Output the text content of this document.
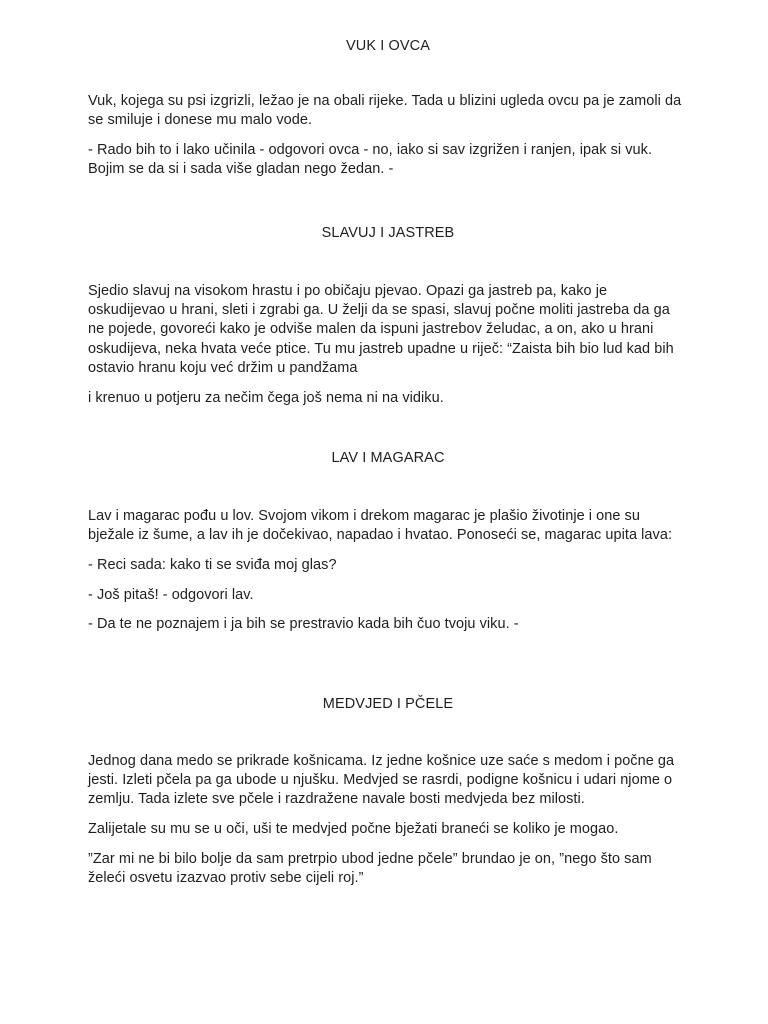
VUK I OVCA

Vuk, kojega su psi izgrizli, ležao je na obali rijeke. Tada u blizini ugleda ovcu pa je zamoli da se smiluje i donese mu malo vode.

- Rado bih to i lako učinila - odgovori ovca - no, iako si sav izgrižen i ranjen, ipak si vuk. Bojim se da si i sada više gladan nego žedan. -

SLAVUJ I JASTREB

Sjedio slavuj na visokom hrastu i po običaju pjevao. Opazi ga jastreb pa, kako je oskudijevao u hrani, sleti i zgrabi ga. U želji da se spasi, slavuj počne moliti jastreba da ga ne pojede, govoreći kako je odviše malen da ispuni jastrebov želudac, a on, ako u hrani oskudijeva, neka hvata veće ptice. Tu mu jastreb upadne u riječ: “Zaista bih bio lud kad bih ostavio hranu koju već držim u pandžama

i krenuo u potjeru za nečim čega još nema ni na vidiku.

LAV I MAGARAC

Lav i magarac pođu u lov. Svojom vikom i drekom magarac je plašio životinje i one su bježale iz šume, a lav ih je dočekivao, napadao i hvatao. Ponoseći se, magarac upita lava:

- Reci sada: kako ti se sviđa moj glas?

- Još pitaš! - odgovori lav.

- Da te ne poznajem i ja bih se prestravio kada bih čuo tvoju viku. -

MEDVJED I PČELE

Jednog dana medo se prikrade košnicama. Iz jedne košnice uze saće s medom i počne ga jesti. Izleti pčela pa ga ubode u njušku. Medvjed se rasrdi, podigne košnicu i udari njome o zemlju. Tada izlete sve pčele i razdražene navale bosti medvjeda bez milosti.

Zalijetale su mu se u oči, uši te medvjed počne bježati braneći se koliko je mogao.

”Zar mi ne bi bilo bolje da sam pretrpio ubod jedne pčele” brundao je on, ”nego što sam želeći osvetu izazvao protiv sebe cijeli roj.”
